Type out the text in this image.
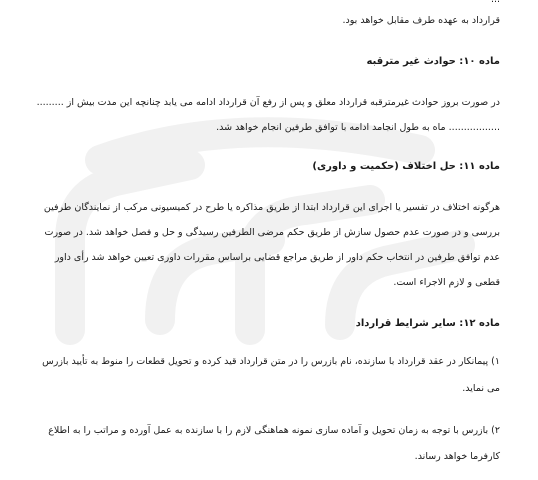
قرارداد به عهده طرف مقابل خواهد بود.
ماده ۱۰: حوادث غیر مترقبه
در صورت بروز حوادث غیرمترقبه قرارداد معلق و پس از رفع آن قرارداد ادامه می یابد چنانچه این مدت بیش از .........
................. ماه به طول انجامد ادامه با توافق طرفین انجام خواهد شد.
ماده ۱۱: حل اختلاف (حکمیت و داوری)
هرگونه اختلاف در تفسیر یا اجرای این قرارداد ابتدا از طریق مذاکره یا طرح در کمیسیونی مرکب از نمایندگان طرفین
بررسی و در صورت عدم حصول سازش از طریق حکم مرضی الطرفین رسیدگی و حل و فصل خواهد شد. در صورت
عدم توافق طرفین در انتخاب حکم داور از طریق مراجع قضایی براساس مقررات داوری تعیین خواهد شد رأی داور
قطعی و لازم الاجراء است.
ماده ۱۲: سایر شرایط قرارداد
۱) پیمانکار در عقد قرارداد با سازنده، نام بازرس را در متن قرارداد قید کرده و تحویل قطعات را منوط به تأیید بازرس
می نماید.
۲) بازرس با توجه به زمان تحویل و آماده سازی نمونه هماهنگی لازم را با سازنده به عمل آورده و مراتب را به اطلاع
کارفرما خواهد رساند.
